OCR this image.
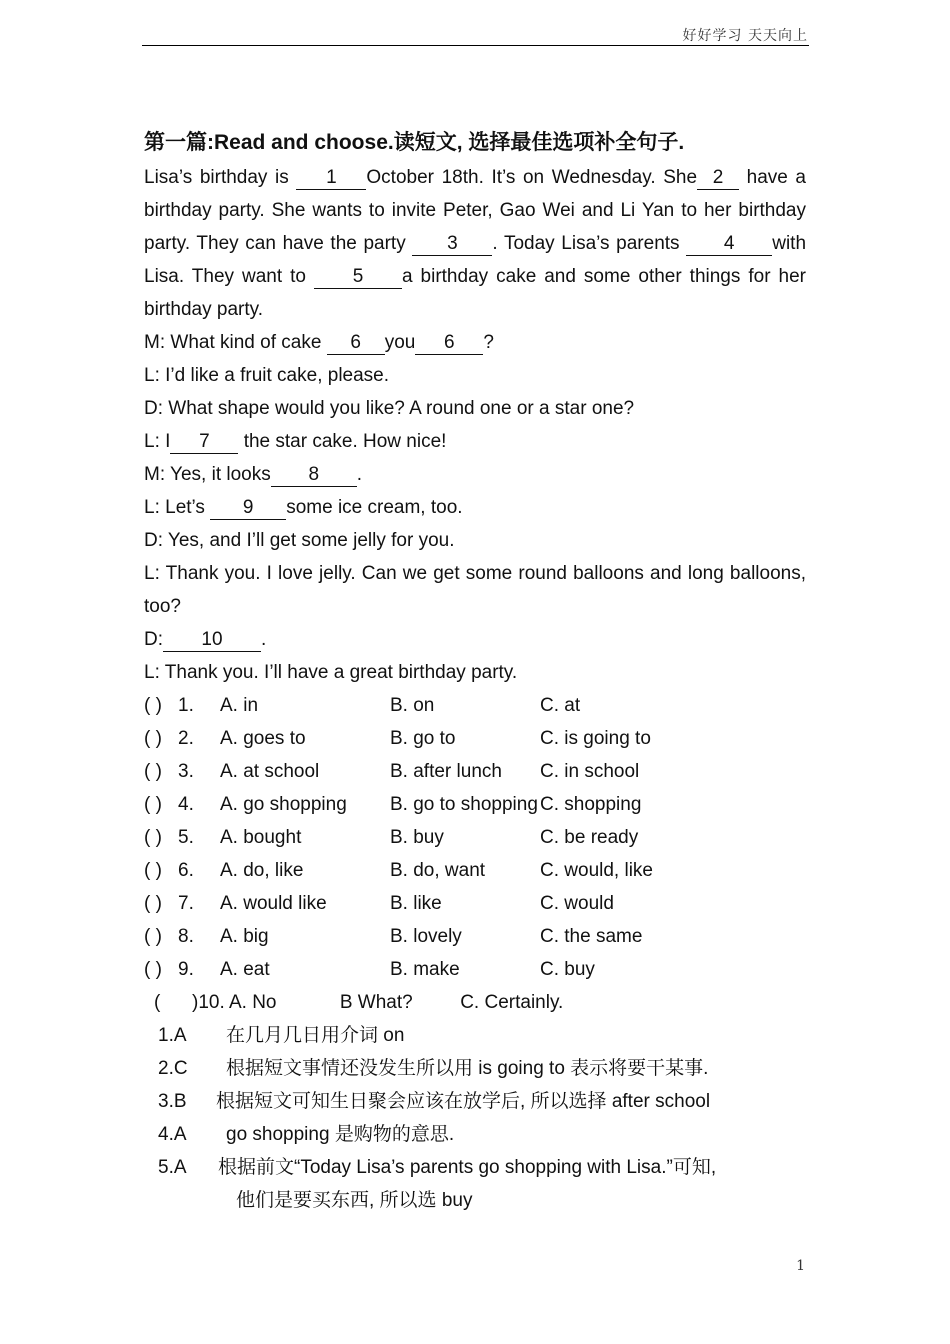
好好学习 天天向上
第一篇:Read and choose.读短文, 选择最佳选项补全句子.
Lisa’s birthday is 1 October 18th. It’s on Wednesday. She 2 have a birthday party. She wants to invite Peter, Gao Wei and Li Yan to her birthday party. They can have the party 3 . Today Lisa’s parents 4 with Lisa. They want to 5 a birthday cake and some other things for her birthday party.
M: What kind of cake 6 you 6 ?
L: I’d like a fruit cake, please.
D: What shape would you like? A round one or a star one?
L: I 7 the star cake. How nice!
M: Yes, it looks 8 .
L: Let’s 9 some ice cream, too.
D: Yes, and I’ll get some jelly for you.
L: Thank you. I love jelly. Can we get some round balloons and long balloons, too?
D: 10 .
L: Thank you. I’ll have a great birthday party.
( ) 1.	A. in	B. on	C. at
( ) 2.	A. goes to	B. go to	C. is going to
( ) 3.	A. at school	B. after lunch	C. in school
( ) 4.	A. go shopping	B. go to shopping C. shopping
( ) 5.	A. bought	B. buy	C. be ready
( ) 6.	A. do, like	B. do, want	C. would, like
( ) 7.	A. would like	B. like	C. would
( ) 8.	A. big	B. lovely	C. the same
( ) 9.	A. eat	B. make	C. buy
(      )10. A. No            B What?         C. Certainly.
1.A 在几月几日用介词 on
2.C 根据短文事情还没发生所以用 is going to 表示将要干某事.
3.B 根据短文可知生日聚会应该在放学后, 所以选择 after school
4.A go shopping 是购物的意思.
5.A 根据前文“Today Lisa’s parents go shopping with Lisa.”可知,
他们是要买东西, 所以选 buy
1
